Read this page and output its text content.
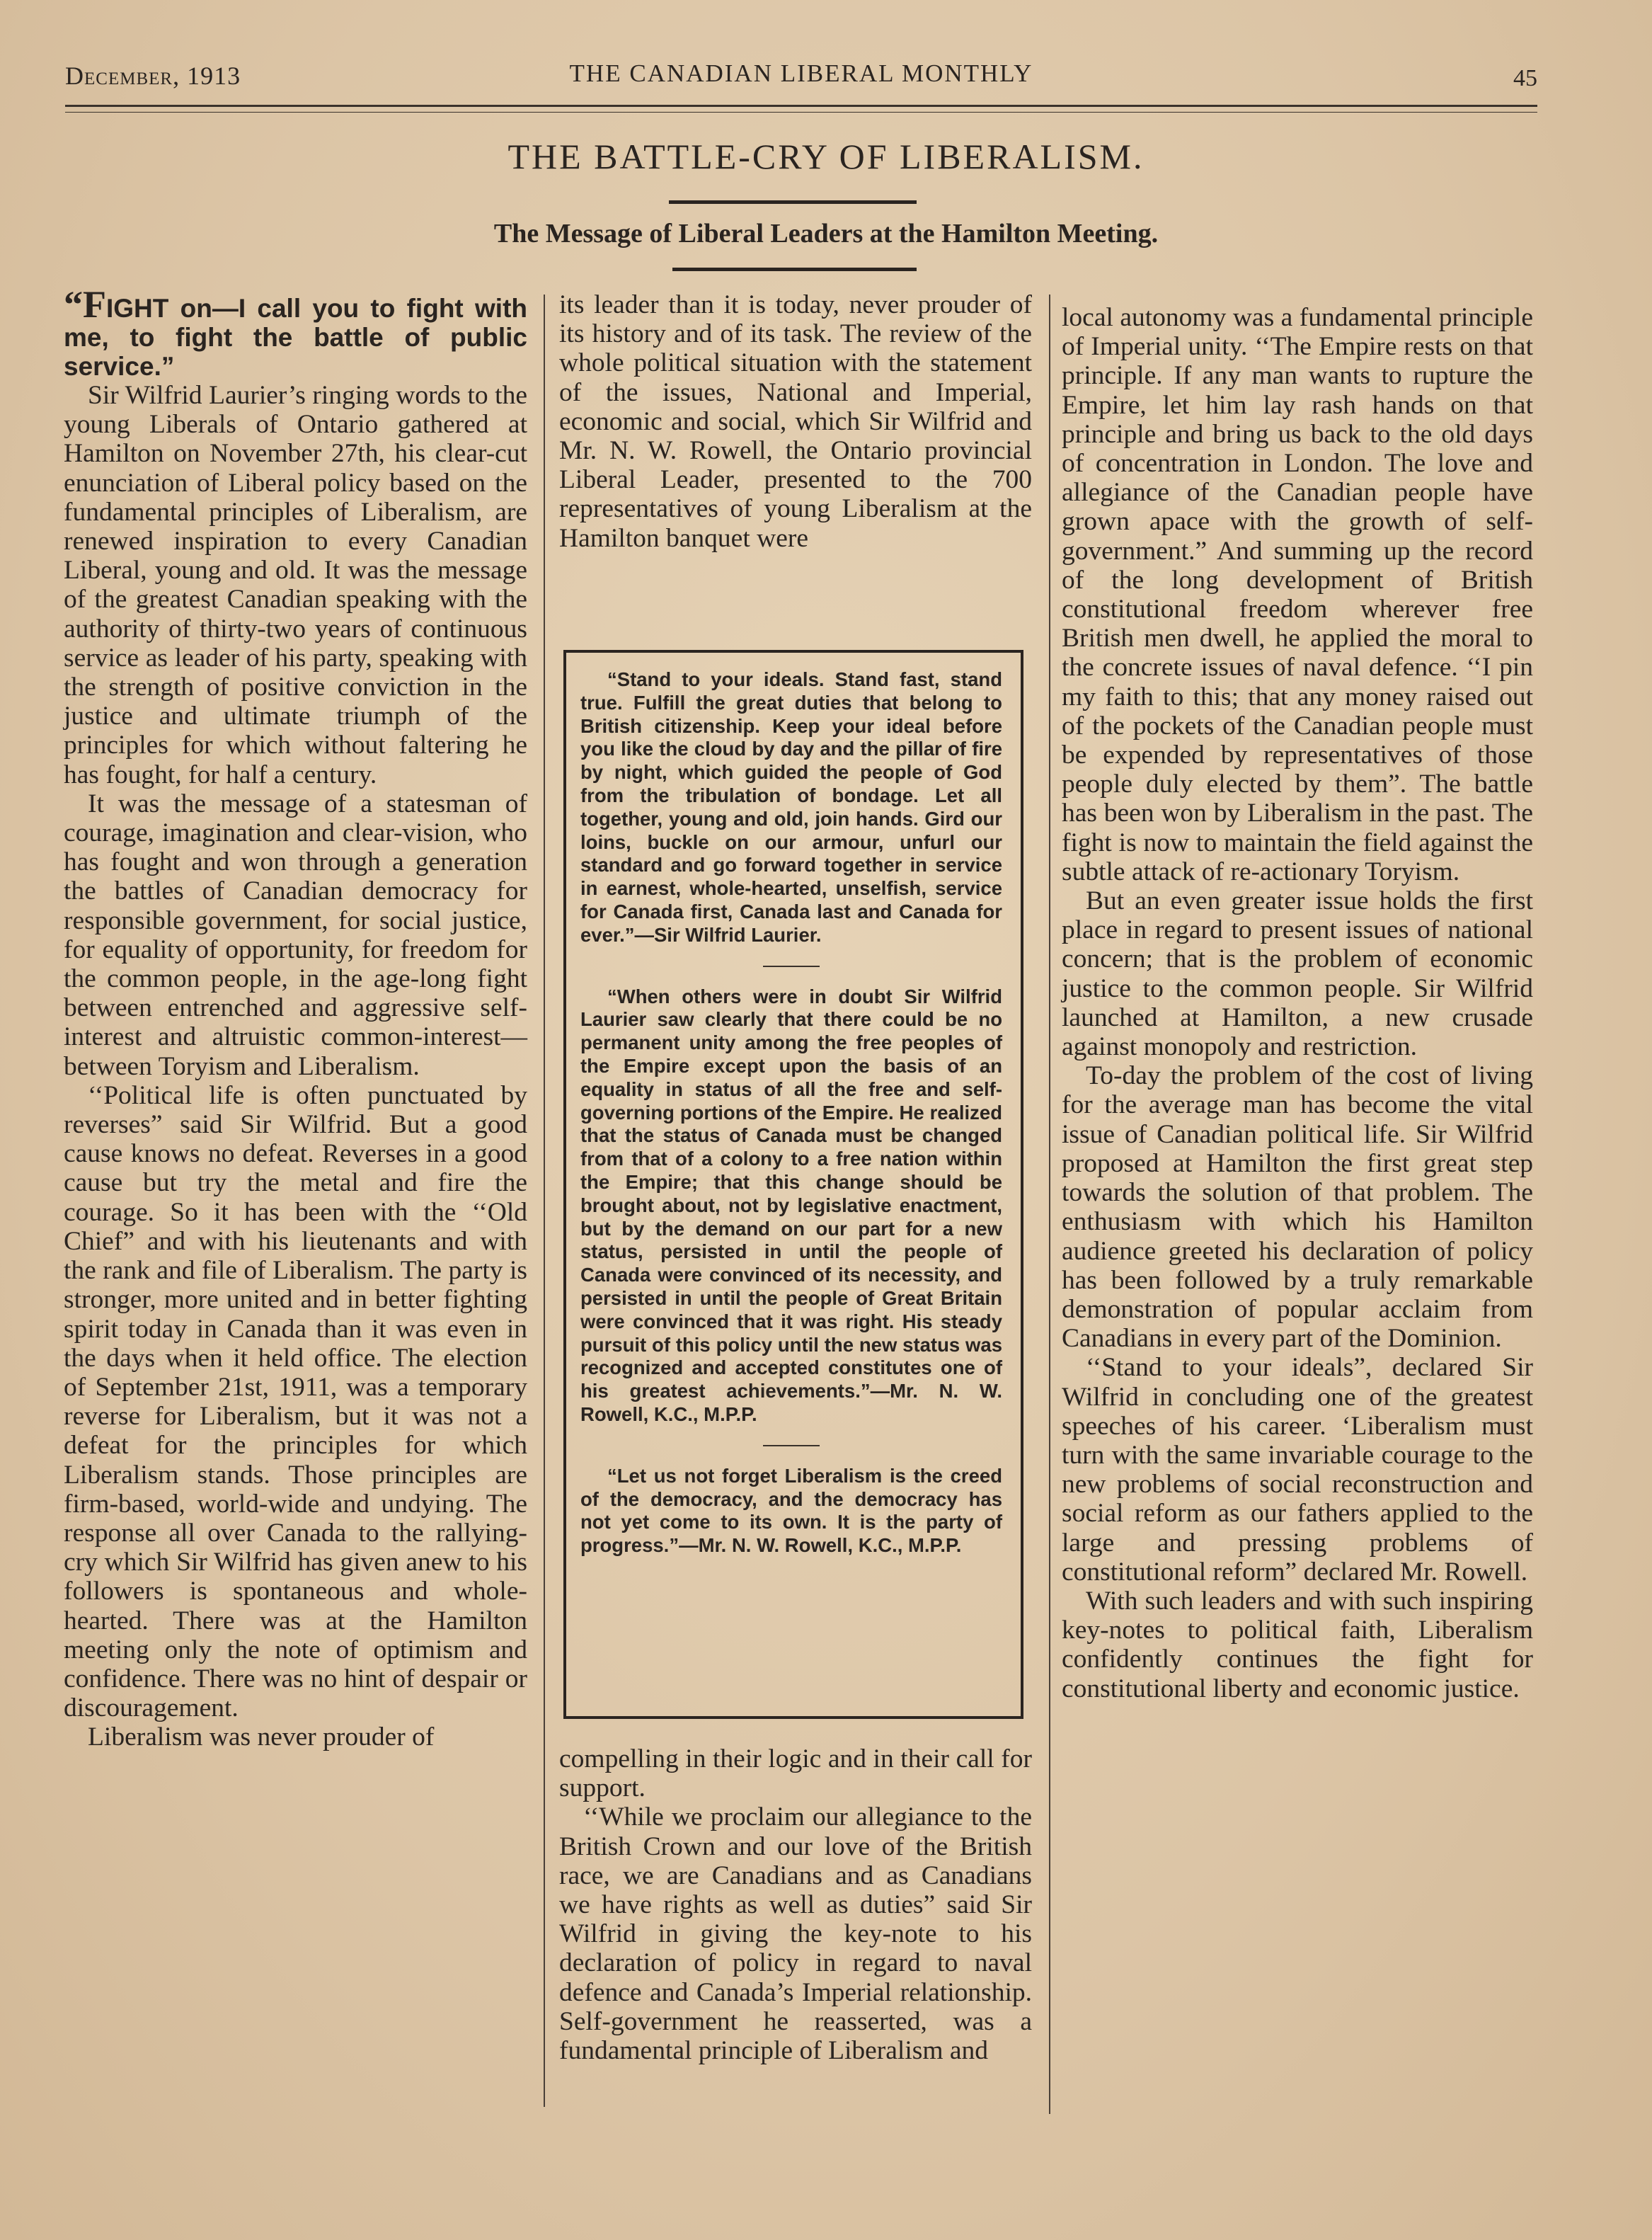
December, 1913	THE CANADIAN LIBERAL MONTHLY	45
THE BATTLE-CRY OF LIBERALISM.
The Message of Liberal Leaders at the Hamilton Meeting.

“FIGHT on—I call you to fight with me, to fight the battle of public service.”

Sir Wilfrid Laurier’s ringing words to the young Liberals of Ontario gathered at Hamilton on November 27th, his clear-cut enunciation of Liberal policy based on the fundamental principles of Liberalism, are renewed inspiration to every Canadian Liberal, young and old. It was the message of the greatest Canadian speaking with the authority of thirty-two years of continuous service as leader of his party, speaking with the strength of positive conviction in the justice and ultimate triumph of the principles for which without faltering he has fought, for half a century.

It was the message of a statesman of courage, imagination and clear-vision, who has fought and won through a generation the battles of Canadian democracy for responsible government, for social justice, for equality of opportunity, for freedom for the common people, in the age-long fight between entrenched and aggressive self-interest and altruistic common-interest—between Toryism and Liberalism.

‘‘Political life is often punctuated by reverses” said Sir Wilfrid. But a good cause knows no defeat. Reverses in a good cause but try the metal and fire the courage. So it has been with the ‘‘Old Chief” and with his lieutenants and with the rank and file of Liberalism. The party is stronger, more united and in better fighting spirit today in Canada than it was even in the days when it held office. The election of September 21st, 1911, was a temporary reverse for Liberalism, but it was not a defeat for the principles for which Liberalism stands. Those principles are firm-based, world-wide and undying. The response all over Canada to the rallying-cry which Sir Wilfrid has given anew to his followers is spontaneous and whole-hearted. There was at the Hamilton meeting only the note of optimism and confidence. There was no hint of despair or discouragement.

Liberalism was never prouder of

its leader than it is today, never prouder of its history and of its task. The review of the whole political situation with the statement of the issues, National and Imperial, economic and social, which Sir Wilfrid and Mr. N. W. Rowell, the Ontario provincial Liberal Leader, presented to the 700 representatives of young Liberalism at the Hamilton banquet were

“Stand to your ideals. Stand fast, stand true. Fulfill the great duties that belong to British citizenship. Keep your ideal before you like the cloud by day and the pillar of fire by night, which guided the people of God from the tribulation of bondage. Let all together, young and old, join hands. Gird our loins, buckle on our armour, unfurl our standard and go forward together in service in earnest, whole-hearted, unselfish, service for Canada first, Canada last and Canada for ever.”—Sir Wilfrid Laurier.

“When others were in doubt Sir Wilfrid Laurier saw clearly that there could be no permanent unity among the free peoples of the Empire except upon the basis of an equality in status of all the free and self-governing portions of the Empire. He realized that the status of Canada must be changed from that of a colony to a free nation within the Empire; that this change should be brought about, not by legislative enactment, but by the demand on our part for a new status, persisted in until the people of Canada were convinced of its necessity, and persisted in until the people of Great Britain were convinced that it was right. His steady pursuit of this policy until the new status was recognized and accepted constitutes one of his greatest achievements.”—Mr. N. W. Rowell, K.C., M.P.P.

“Let us not forget Liberalism is the creed of the democracy, and the democracy has not yet come to its own. It is the party of progress.”—Mr. N. W. Rowell, K.C., M.P.P.

compelling in their logic and in their call for support.

‘‘While we proclaim our allegiance to the British Crown and our love of the British race, we are Canadians and as Canadians we have rights as well as duties” said Sir Wilfrid in giving the key-note to his declaration of policy in regard to naval defence and Canada’s Imperial relationship. Self-government he reasserted, was a fundamental principle of Liberalism and

local autonomy was a fundamental principle of Imperial unity. ‘‘The Empire rests on that principle. If any man wants to rupture the Empire, let him lay rash hands on that principle and bring us back to the old days of concentration in London. The love and allegiance of the Canadian people have grown apace with the growth of self-government.” And summing up the record of the long development of British constitutional freedom wherever free British men dwell, he applied the moral to the concrete issues of naval defence. ‘‘I pin my faith to this; that any money raised out of the pockets of the Canadian people must be expended by representatives of those people duly elected by them”. The battle has been won by Liberalism in the past. The fight is now to maintain the field against the subtle attack of re-actionary Toryism.

But an even greater issue holds the first place in regard to present issues of national concern; that is the problem of economic justice to the common people. Sir Wilfrid launched at Hamilton, a new crusade against monopoly and restriction.

To-day the problem of the cost of living for the average man has become the vital issue of Canadian political life. Sir Wilfrid proposed at Hamilton the first great step towards the solution of that problem. The enthusiasm with which his Hamilton audience greeted his declaration of policy has been followed by a truly remarkable demonstration of popular acclaim from Canadians in every part of the Dominion.

‘‘Stand to your ideals”, declared Sir Wilfrid in concluding one of the greatest speeches of his career. ‘Liberalism must turn with the same invariable courage to the new problems of social reconstruction and social reform as our fathers applied to the large and pressing problems of constitutional reform” declared Mr. Rowell.

With such leaders and with such inspiring key-notes to political faith, Liberalism confidently continues the fight for constitutional liberty and economic justice.
